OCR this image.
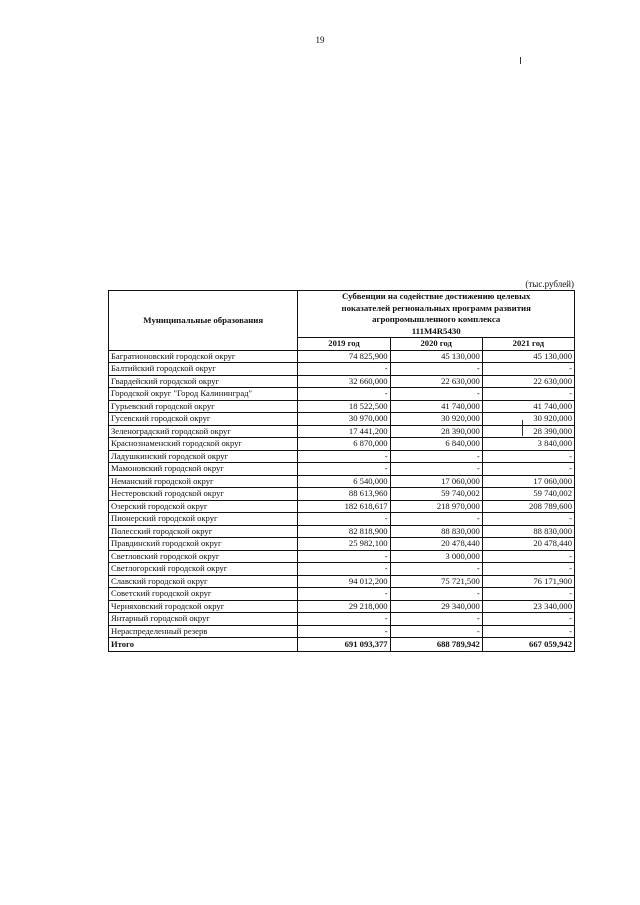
19
(тыс.рублей)
Муниципальные образования	Субвенции на содействие достижению целевых
показателей региональных программ развития
агропромышленного комплекса
111М4R5430		
	2019 год	2020 год	2021 год
Багратионовский городской округ	74 825,900	45 130,000	45 130,000
Балтийский городской округ	-	-	-
Гвардейский городской округ	32 660,000	22 630,000	22 630,000
Городской округ "Город Калининград"	-	-	-
Гурьевский городской округ	18 522,500	41 740,000	41 740,000
Гусевский городской округ	30 970,000	30 920,000	30 920,000
Зеленоградский городской округ	17 441,200	28 390,000	28 390,000
Краснознаменский городской округ	6 870,000	6 840,000	3 840,000
Ладушкинский городской округ	-	-	-
Мамоновский городской округ	-	-	-
Неманский городской округ	6 540,000	17 060,000	17 060,000
Нестеровский городской округ	88 613,960	59 740,002	59 740,002
Озерский городской округ	182 618,617	218 970,000	208 789,600
Пионерский городской округ	-	-	-
Полесский городской округ	82 818,900	88 830,000	88 830,000
Правдинский городской округ	25 982,100	20 478,440	20 478,440
Светловский городской округ	-	3 000,000	-
Светлогорский городской округ	-	-	-
Славский городской округ	94 012,200	75 721,500	76 171,900
Советский городской округ	-	-	-
Черняховский городской округ	29 218,000	29 340,000	23 340,000
Янтарный городской округ	-	-	-
Нераспределенный резерв	-	-	-
Итого	691 093,377	688 789,942	667 059,942
